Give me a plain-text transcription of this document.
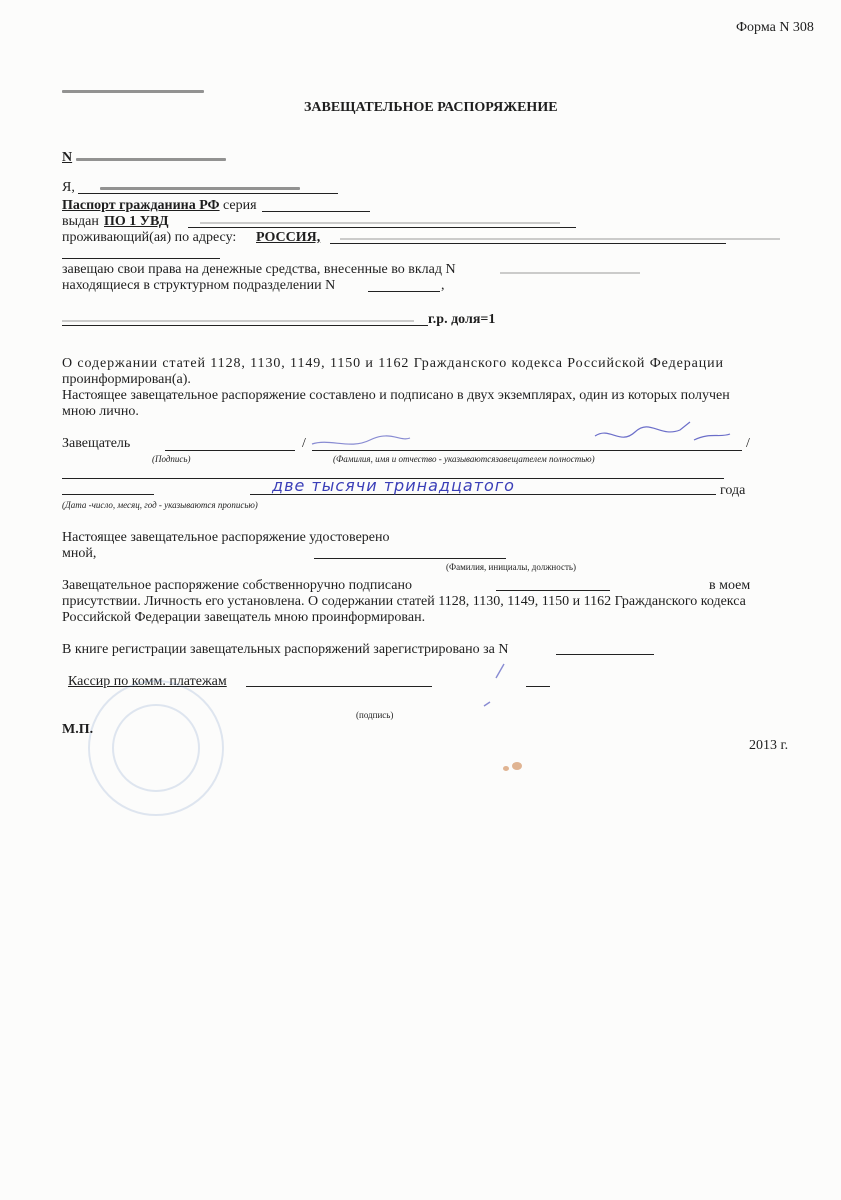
Форма N 308
ЗАВЕЩАТЕЛЬНОЕ РАСПОРЯЖЕНИЕ
N
Я,
Паспорт гражданина РФ серия
выдан ПО 1 УВД
проживающий(ая) по адресу: РОССИЯ,
завещаю свои права на денежные средства, внесенные во вклад N
находящиеся в структурном подразделении N	,
г.р. доля=1
О содержании статей 1128, 1130, 1149, 1150 и 1162 Гражданского кодекса Российской Федерации
проинформирован(а).
Настоящее завещательное распоряжение составлено и подписано в двух экземплярах, один из которых получен
мною лично.
Завещатель	/	/
(Подпись)	(Фамилия, имя и отчество - указываютсязавещателем полностью)
две тысячи тринадцатого	года
(Дата -число, месяц, год - указываются прописью)
Настоящее завещательное распоряжение удостоверено
мной,
(Фамилия, инициалы, должность)
Завещательное распоряжение собственноручно подписано	в моем
присутствии. Личность его установлена. О содержании статей 1128, 1130, 1149, 1150 и 1162 Гражданского кодекса
Российской Федерации завещатель мною проинформирован.
В книге регистрации завещательных распоряжений зарегистрировано за N
Кассир по комм. платежам
(подпись)
М.П.
2013 г.
